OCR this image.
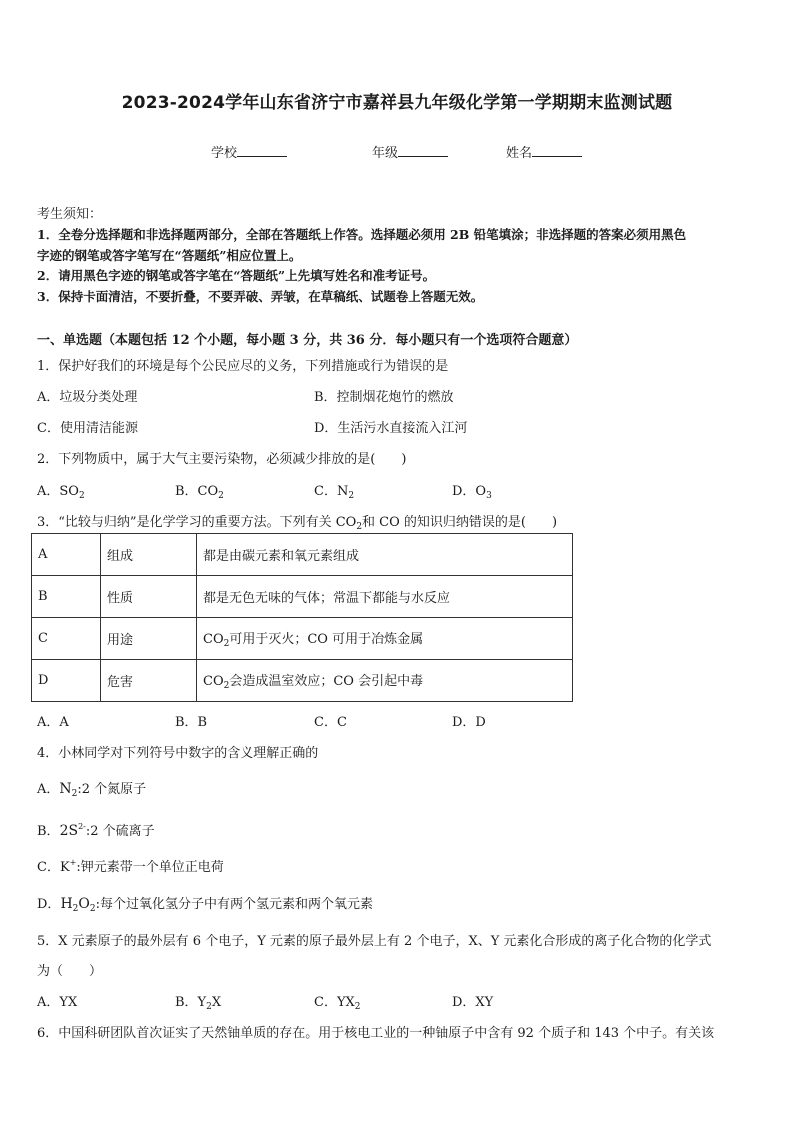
2023-2024学年山东省济宁市嘉祥县九年级化学第一学期期末监测试题
学校	年级	姓名
考生须知：
1．全卷分选择题和非选择题两部分，全部在答题纸上作答。选择题必须用 2B 铅笔填涂；非选择题的答案必须用黑色
字迹的钢笔或答字笔写在“答题纸”相应位置上。
2．请用黑色字迹的钢笔或答字笔在“答题纸”上先填写姓名和准考证号。
3．保持卡面清洁，不要折叠，不要弄破、弄皱，在草稿纸、试题卷上答题无效。
一、单选题（本题包括 12 个小题，每小题 3 分，共 36 分．每小题只有一个选项符合题意）
1．保护好我们的环境是每个公民应尽的义务，下列措施或行为错误的是
A．垃圾分类处理	B．控制烟花炮竹的燃放
C．使用清洁能源	D．生活污水直接流入江河
2．下列物质中，属于大气主要污染物，必须减少排放的是(　　)
A．$SO_2$	B．$CO_2$	C．$N_2$	D．$O_3$
3．“比较与归纳”是化学学习的重要方法。下列有关 $CO_2$和 CO 的知识归纳错误的是(　　)
A	组成	都是由碳元素和氧元素组成
B	性质	都是无色无味的气体；常温下都能与水反应
C	用途	$CO_2$可用于灭火；CO 可用于冶炼金属
D	危害	$CO_2$会造成温室效应；CO 会引起中毒
A．A	B．B	C．C	D．D
4．小林同学对下列符号中数字的含义理解正确的
A．$N_2:2$ 个氮原子
B．$2S^{2-}:2$ 个硫离子
C．K+:钾元素带一个单位正电荷
D．$H_2O_2$:每个过氧化氢分子中有两个氢元素和两个氧元素
5．X 元素原子的最外层有 6 个电子，Y 元素的原子最外层上有 2 个电子，X、Y 元素化合形成的离子化合物的化学式
为（　　）
A．YX	B．$Y_2X$	C．$YX_2$	D．XY
6．中国科研团队首次证实了天然铀单质的存在。用于核电工业的一种铀原子中含有 92 个质子和 143 个中子。有关该
